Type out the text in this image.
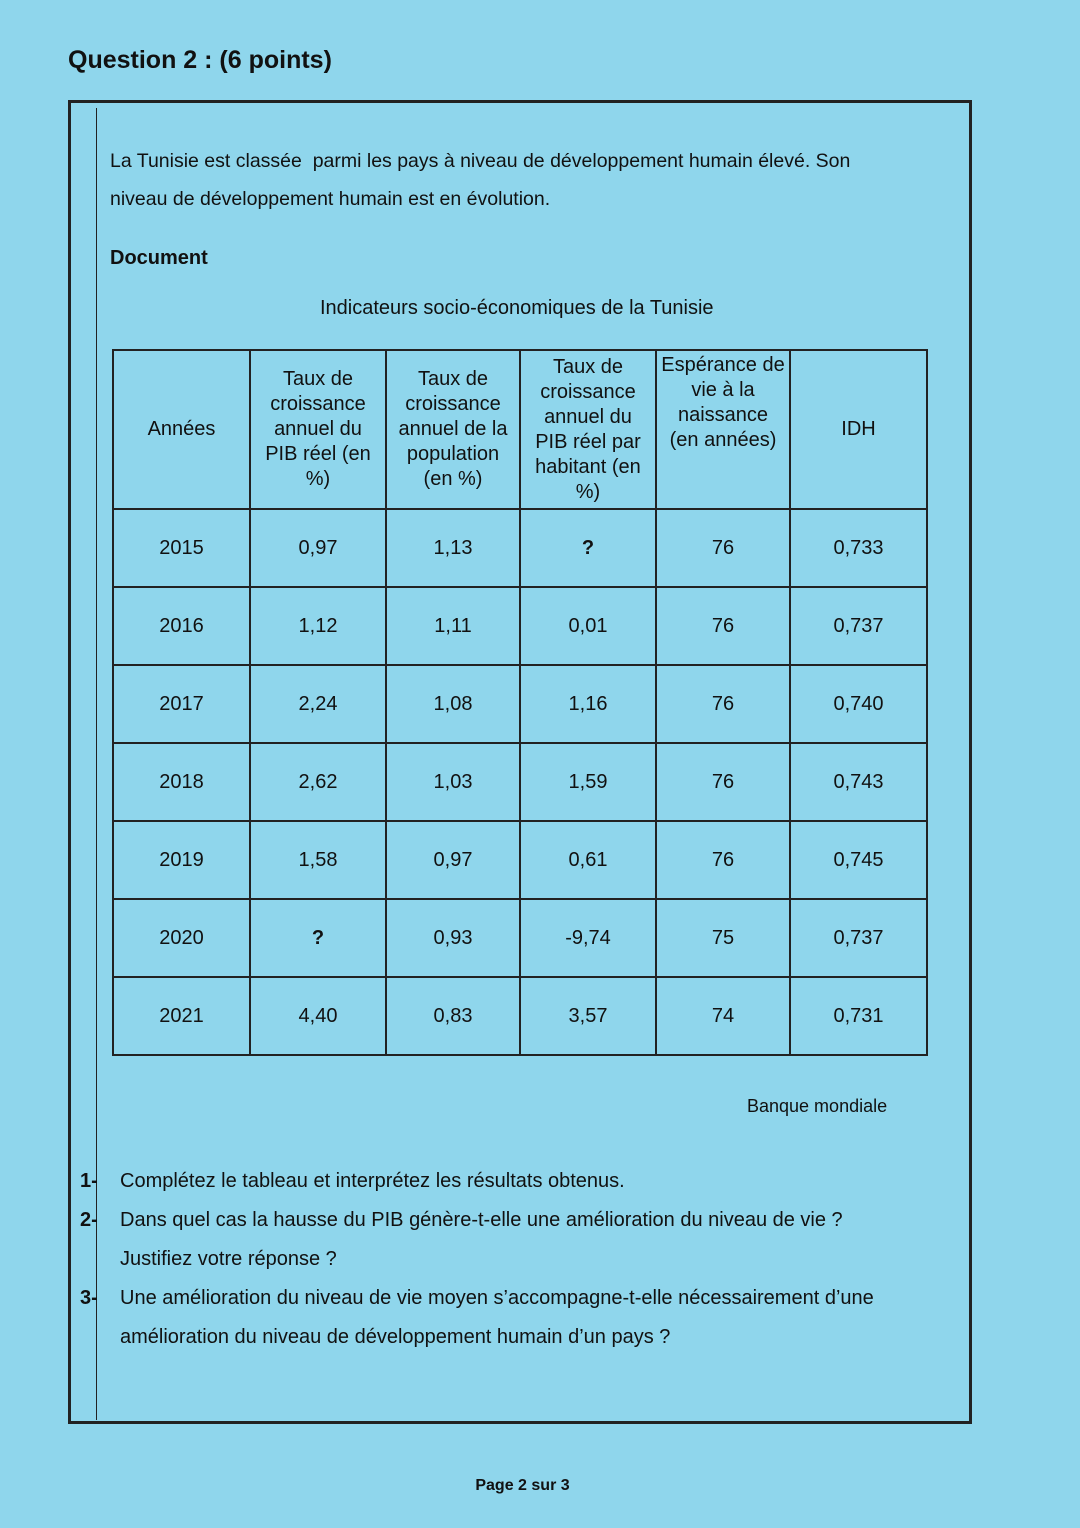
Question 2 : (6 points)
La Tunisie est classée  parmi les pays à niveau de développement humain élevé. Son
niveau de développement humain est en évolution.
Document
Indicateurs socio-économiques de la Tunisie
Années	Taux de croissance annuel du PIB réel (en %)	Taux de croissance annuel de la population (en %)	Taux de croissance annuel du PIB réel par habitant (en %)	Espérance de vie à la naissance (en années)	IDH
2015	0,97	1,13	?	76	0,733
2016	1,12	1,11	0,01	76	0,737
2017	2,24	1,08	1,16	76	0,740
2018	2,62	1,03	1,59	76	0,743
2019	1,58	0,97	0,61	76	0,745
2020	?	0,93	-9,74	75	0,737
2021	4,40	0,83	3,57	74	0,731
Banque mondiale
1-	Complétez le tableau et interprétez les résultats obtenus.
2-	Dans quel cas la hausse du PIB génère-t-elle une amélioration du niveau de vie ?
Justifiez votre réponse ?
3-	Une amélioration du niveau de vie moyen s’accompagne-t-elle nécessairement d’une
amélioration du niveau de développement humain d’un pays ?
Page 2 sur 3
